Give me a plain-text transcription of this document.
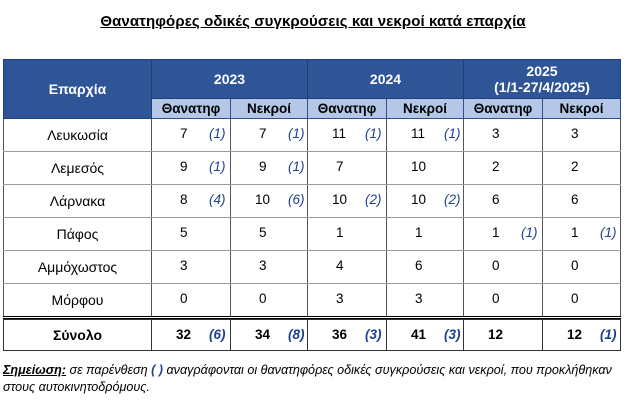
Θανατηφόρες οδικές συγκρούσεις και νεκροί κατά επαρχία
Επαρχία	2023		2024		2025
(1/1-27/4/2025)	

	Θανατηφ	Νεκροί	Θανατηφ	Νεκροί	Θανατηφ	Νεκροί
Λευκωσία	7 (1)	7 (1)	11 (1)	11 (1)	3	3

Λεμεσός	9 (1)	9 (1)	7	10	2	2

Λάρνακα	8 (4)	10 (6)	10 (2)	10 (2)	6	6

Πάφος	5	5	1	1	1 (1)	1 (1)

Αμμόχωστος	3	3	4	6	0	0

Μόρφου	0	0	3	3	0	0

Σύνολο	32 (6)	34 (8)	36 (3)	41 (3)	12	12 (1)
Σημείωση: σε παρένθεση ( ) αναγράφονται οι θανατηφόρες οδικές συγκρούσεις και νεκροί, που προκλήθηκαν στους αυτοκινητοδρόμους.
